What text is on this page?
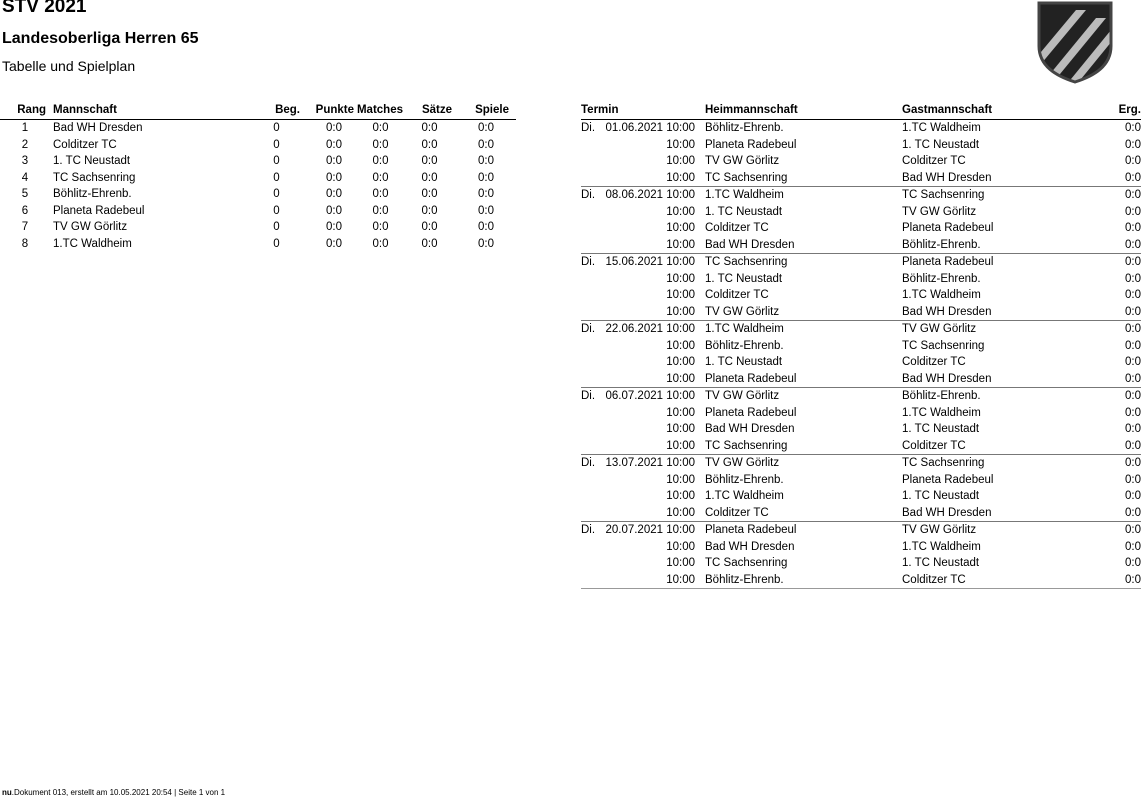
STV 2021
Landesoberliga Herren 65
Tabelle und Spielplan
Rang	Mannschaft	Beg.	Punkte	Matches	Sätze	Spiele
1	Bad WH Dresden	0	0:0	0:0	0:0	0:0
2	Colditzer TC	0	0:0	0:0	0:0	0:0
3	1. TC Neustadt	0	0:0	0:0	0:0	0:0
4	TC Sachsenring	0	0:0	0:0	0:0	0:0
5	Böhlitz-Ehrenb.	0	0:0	0:0	0:0	0:0
6	Planeta Radebeul	0	0:0	0:0	0:0	0:0
7	TV GW Görlitz	0	0:0	0:0	0:0	0:0
8	1.TC Waldheim	0	0:0	0:0	0:0	0:0
Termin	Heimmannschaft	Gastmannschaft	Erg.

Di. 01.06.2021 10:00	Böhlitz-Ehrenb.	1.TC Waldheim	0:0
10:00	Planeta Radebeul	1. TC Neustadt	0:0
10:00	TV GW Görlitz	Colditzer TC	0:0
10:00	TC Sachsenring	Bad WH Dresden	0:0

Di. 08.06.2021 10:00	1.TC Waldheim	TC Sachsenring	0:0
10:00	1. TC Neustadt	TV GW Görlitz	0:0
10:00	Colditzer TC	Planeta Radebeul	0:0
10:00	Bad WH Dresden	Böhlitz-Ehrenb.	0:0

Di. 15.06.2021 10:00	TC Sachsenring	Planeta Radebeul	0:0
10:00	1. TC Neustadt	Böhlitz-Ehrenb.	0:0
10:00	Colditzer TC	1.TC Waldheim	0:0
10:00	TV GW Görlitz	Bad WH Dresden	0:0

Di. 22.06.2021 10:00	1.TC Waldheim	TV GW Görlitz	0:0
10:00	Böhlitz-Ehrenb.	TC Sachsenring	0:0
10:00	1. TC Neustadt	Colditzer TC	0:0
10:00	Planeta Radebeul	Bad WH Dresden	0:0

Di. 06.07.2021 10:00	TV GW Görlitz	Böhlitz-Ehrenb.	0:0
10:00	Planeta Radebeul	1.TC Waldheim	0:0
10:00	Bad WH Dresden	1. TC Neustadt	0:0
10:00	TC Sachsenring	Colditzer TC	0:0

Di. 13.07.2021 10:00	TV GW Görlitz	TC Sachsenring	0:0
10:00	Böhlitz-Ehrenb.	Planeta Radebeul	0:0
10:00	1.TC Waldheim	1. TC Neustadt	0:0
10:00	Colditzer TC	Bad WH Dresden	0:0

Di. 20.07.2021 10:00	Planeta Radebeul	TV GW Görlitz	0:0
10:00	Bad WH Dresden	1.TC Waldheim	0:0
10:00	TC Sachsenring	1. TC Neustadt	0:0
10:00	Böhlitz-Ehrenb.	Colditzer TC	0:0
nu.Dokument 013, erstellt am 10.05.2021 20:54 | Seite 1 von 1
